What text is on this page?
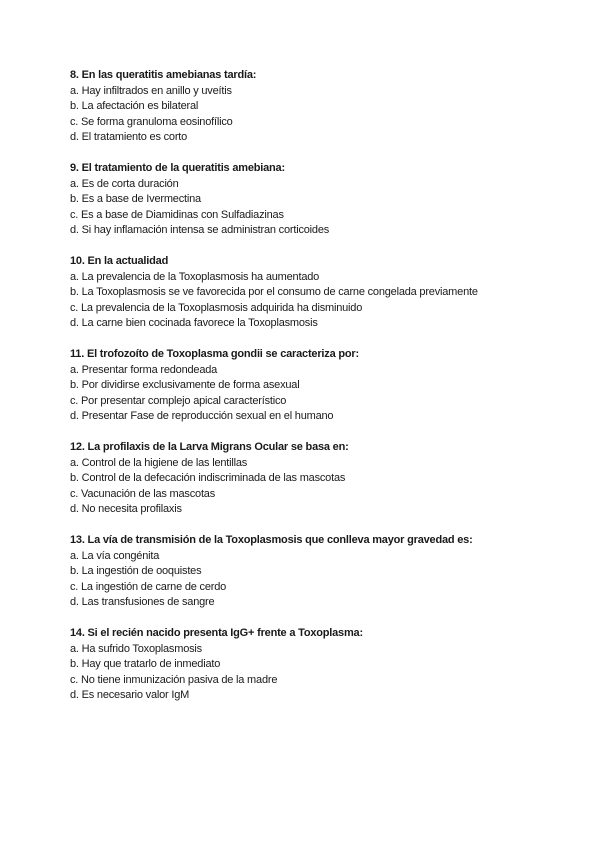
8. En las queratitis amebianas tardía:

a. Hay infiltrados en anillo y uveítis

b. La afectación es bilateral

c. Se forma granuloma eosinofílico

d. El tratamiento es corto

9. El tratamiento de la queratitis amebiana:

a. Es de corta duración

b. Es a base de Ivermectina

c. Es a base de Diamidinas con Sulfadiazinas

d. Si hay inflamación intensa se administran corticoides

10. En la actualidad

a. La prevalencia de la Toxoplasmosis ha aumentado

b. La Toxoplasmosis se ve favorecida por el consumo de carne congelada previamente

c. La prevalencia de la Toxoplasmosis adquirida ha disminuido

d. La carne bien cocinada favorece la Toxoplasmosis

11. El trofozoíto de Toxoplasma gondii se caracteriza por:

a. Presentar forma redondeada

b. Por dividirse exclusivamente de forma asexual

c. Por presentar complejo apical característico

d. Presentar Fase de reproducción sexual en el humano

12. La profilaxis de la Larva Migrans Ocular se basa en:

a. Control de la higiene de las lentillas

b. Control de la defecación indiscriminada de las mascotas

c. Vacunación de las mascotas

d. No necesita profilaxis

13. La vía de transmisión de la Toxoplasmosis que conlleva mayor gravedad es:

a. La vía congénita

b. La ingestión de ooquistes

c. La ingestión de carne de cerdo

d. Las transfusiones de sangre

14. Si el recién nacido presenta IgG+ frente a Toxoplasma:

a. Ha sufrido Toxoplasmosis

b. Hay que tratarlo de inmediato

c. No tiene inmunización pasiva de la madre

d. Es necesario valor IgM
